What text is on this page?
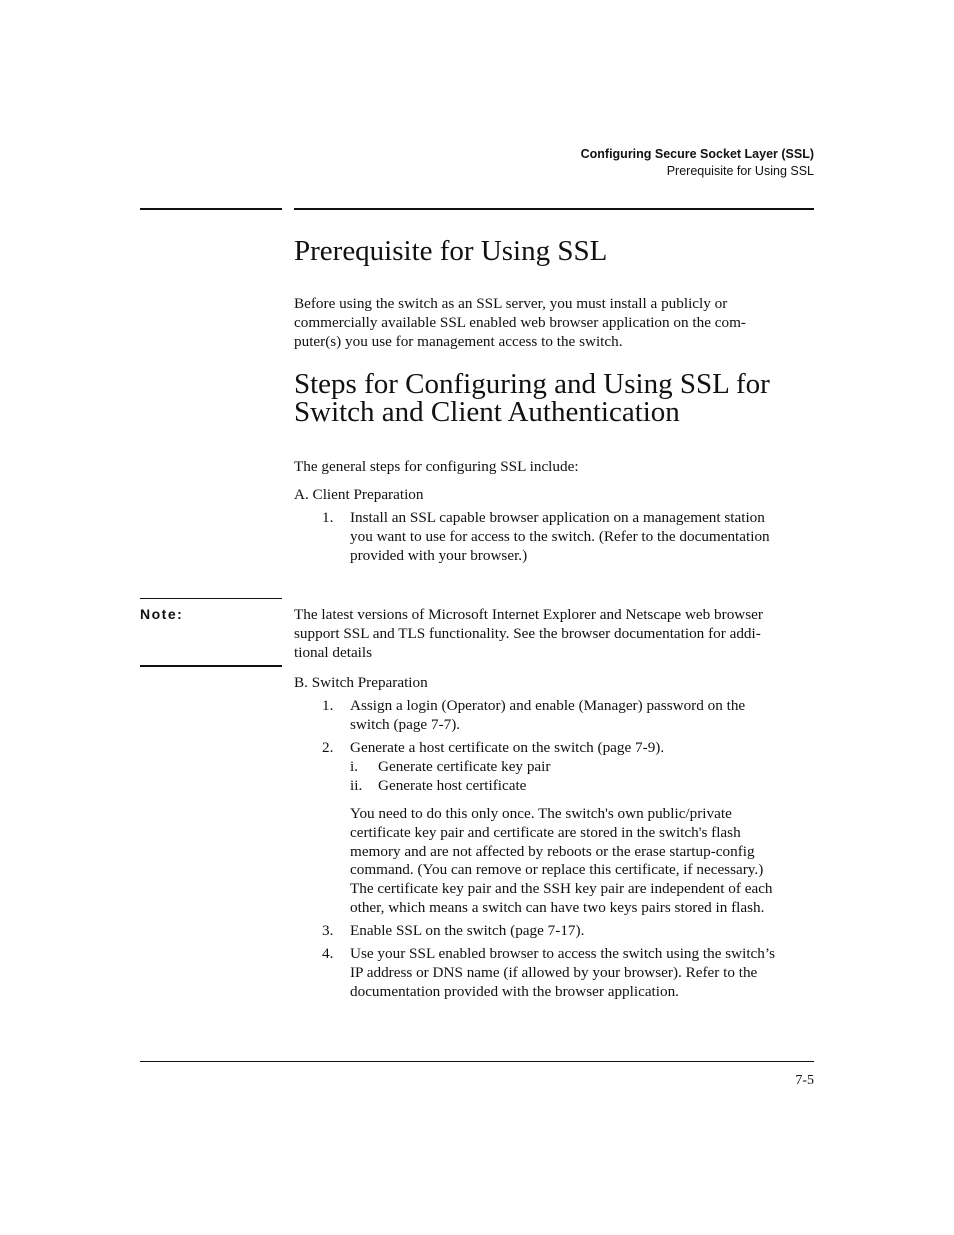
Configuring Secure Socket Layer (SSL)
Prerequisite for Using SSL
Prerequisite for Using SSL

Before using the switch as an SSL server, you must install a publicly or

commercially available SSL enabled web browser application on the com-

puter(s) you use for management access to the switch.

Steps for Configuring and Using SSL for
Switch and Client Authentication

The general steps for configuring SSL include:

A. Client Preparation

1.	Install an SSL capable browser application on a management station

you want to use for access to the switch. (Refer to the documentation

provided with your browser.)

Note:	The latest versions of Microsoft Internet Explorer and Netscape web browser

support SSL and TLS functionality. See the browser documentation for addi-

tional details

B. Switch Preparation

1.	Assign a login (Operator) and enable (Manager) password on the

switch (page 7-7).

2.	Generate a host certificate on the switch (page 7-9).

i. Generate certificate key pair

ii. Generate host certificate

You need to do this only once. The switch's own public/private

certificate key pair and certificate are stored in the switch's flash

memory and are not affected by reboots or the erase startup-config

command. (You can remove or replace this certificate, if necessary.)

The certificate key pair and the SSH key pair are independent of each

other, which means a switch can have two keys pairs stored in flash.

3.	Enable SSL on the switch (page 7-17).

4.	Use your SSL enabled browser to access the switch using the switch’s

IP address or DNS name (if allowed by your browser). Refer to the

documentation provided with the browser application.

7-5
